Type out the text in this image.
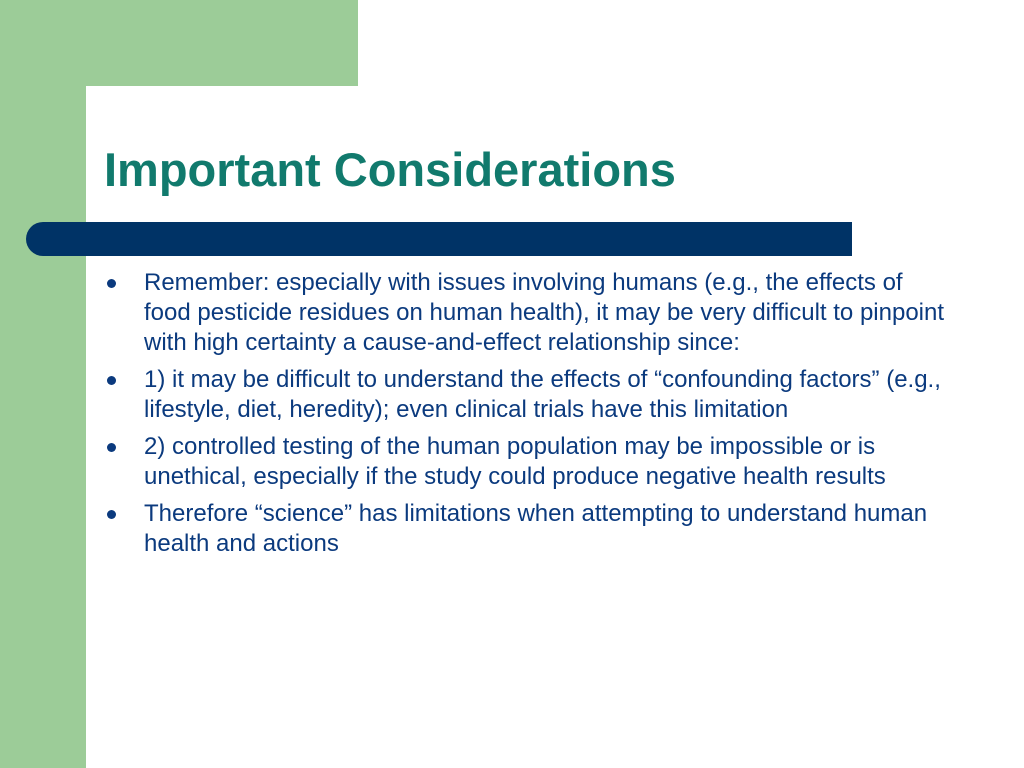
Important Considerations
Remember: especially with issues involving humans (e.g., the effects of food pesticide residues on human health), it may be very difficult to pinpoint with high certainty a cause-and-effect relationship since:
1) it may be difficult to understand the effects of “confounding factors” (e.g., lifestyle, diet, heredity); even clinical trials have this limitation
2) controlled testing of the human population may be impossible or is unethical, especially if the study could produce negative health results
Therefore “science” has limitations when attempting to understand human health and actions
